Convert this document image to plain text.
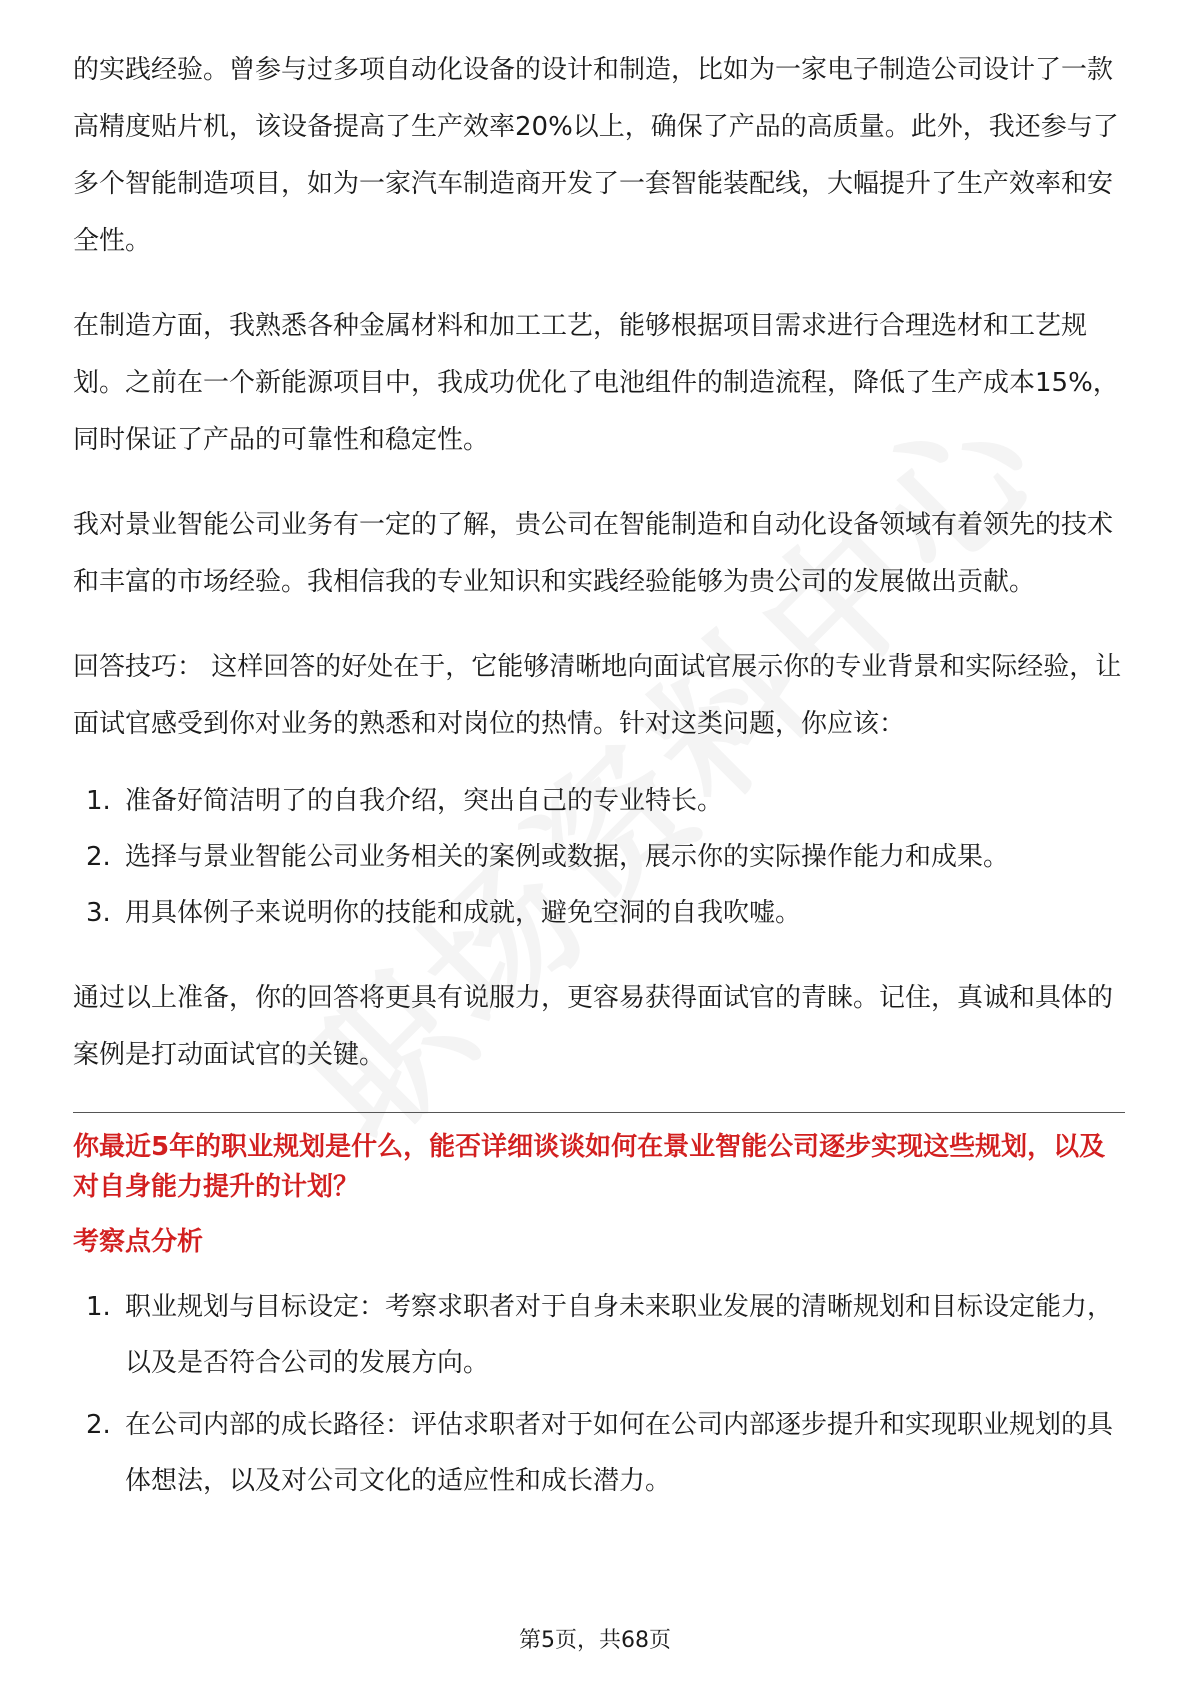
的实践经验。曾参与过多项自动化设备的设计和制造，比如为一家电子制造公司设计了一款高精度贴片机，该设备提高了生产效率20%以上，确保了产品的高质量。此外，我还参与了多个智能制造项目，如为一家汽车制造商开发了一套智能装配线，大幅提升了生产效率和安全性。

在制造方面，我熟悉各种金属材料和加工工艺，能够根据项目需求进行合理选材和工艺规划。之前在一个新能源项目中，我成功优化了电池组件的制造流程，降低了生产成本15%，同时保证了产品的可靠性和稳定性。

我对景业智能公司业务有一定的了解，贵公司在智能制造和自动化设备领域有着领先的技术和丰富的市场经验。我相信我的专业知识和实践经验能够为贵公司的发展做出贡献。

回答技巧： 这样回答的好处在于，它能够清晰地向面试官展示你的专业背景和实际经验，让面试官感受到你对业务的熟悉和对岗位的热情。针对这类问题，你应该：

1. 准备好简洁明了的自我介绍，突出自己的专业特长。
2. 选择与景业智能公司业务相关的案例或数据，展示你的实际操作能力和成果。
3. 用具体例子来说明你的技能和成就，避免空洞的自我吹嘘。

通过以上准备，你的回答将更具有说服力，更容易获得面试官的青睐。记住，真诚和具体的案例是打动面试官的关键。

你最近5年的职业规划是什么，能否详细谈谈如何在景业智能公司逐步实现这些规划，以及对自身能力提升的计划？
考察点分析
1. 职业规划与目标设定：考察求职者对于自身未来职业发展的清晰规划和目标设定能力，以及是否符合公司的发展方向。
2. 在公司内部的成长路径：评估求职者对于如何在公司内部逐步提升和实现职业规划的具体想法，以及对公司文化的适应性和成长潜力。
第5页，共68页
